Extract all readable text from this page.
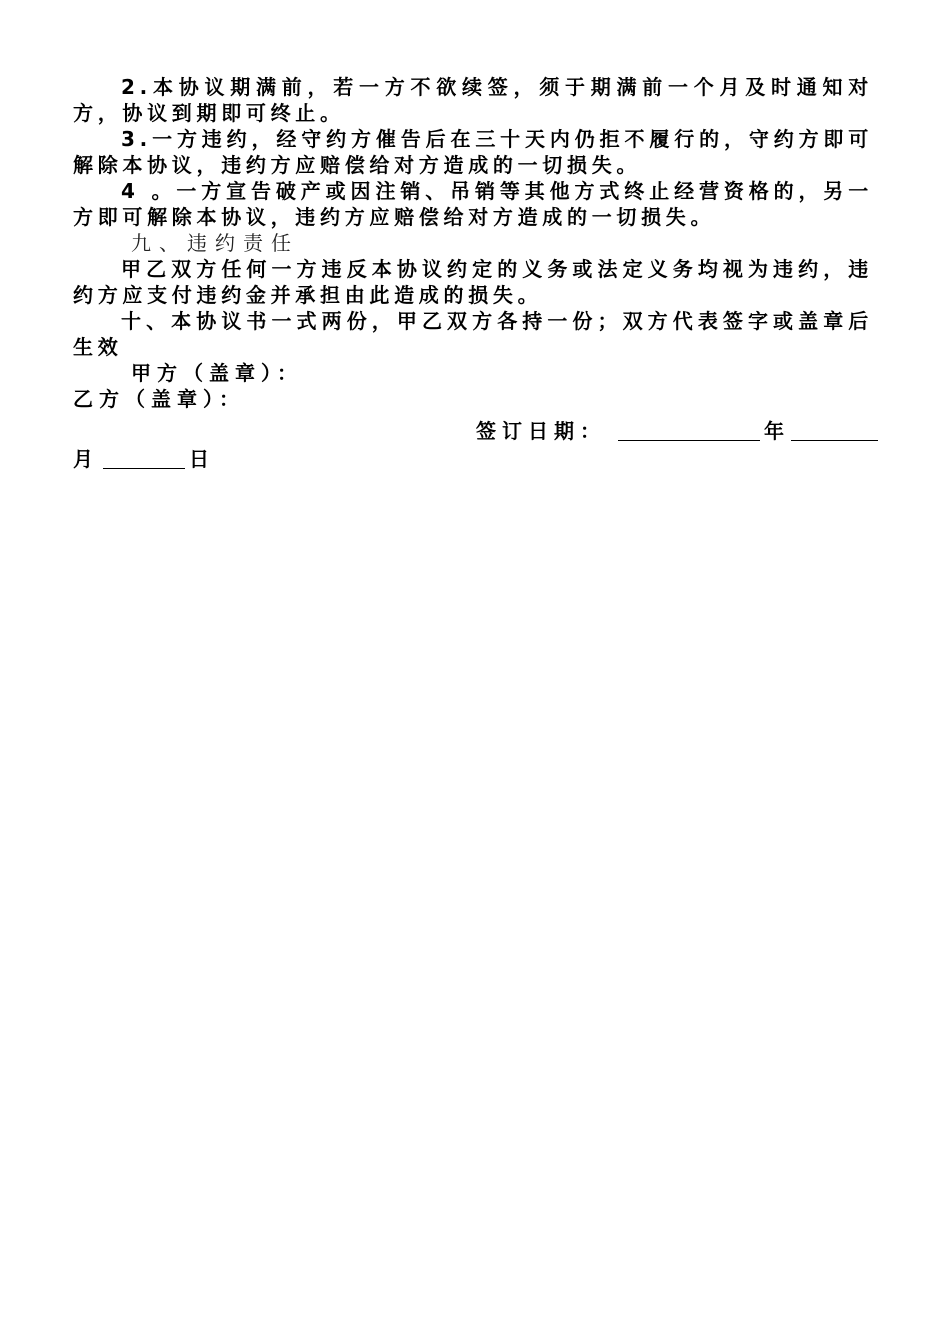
2.本协议期满前，若一方不欲续签，须于期满前一个月及时通知对方，协议到期即可终止。

3.一方违约，经守约方催告后在三十天内仍拒不履行的，守约方即可解除本协议，违约方应赔偿给对方造成的一切损失。

4 。一方宣告破产或因注销、吊销等其他方式终止经营资格的，另一方即可解除本协议，违约方应赔偿给对方造成的一切损失。

九、违约责任

甲乙双方任何一方违反本协议约定的义务或法定义务均视为违约，违约方应支付违约金并承担由此造成的损失。

十、本协议书一式两份，甲乙双方各持一份；双方代表签字或盖章后生效

甲方（盖章）：

乙方（盖章）：

签订日期：	年
月	日
